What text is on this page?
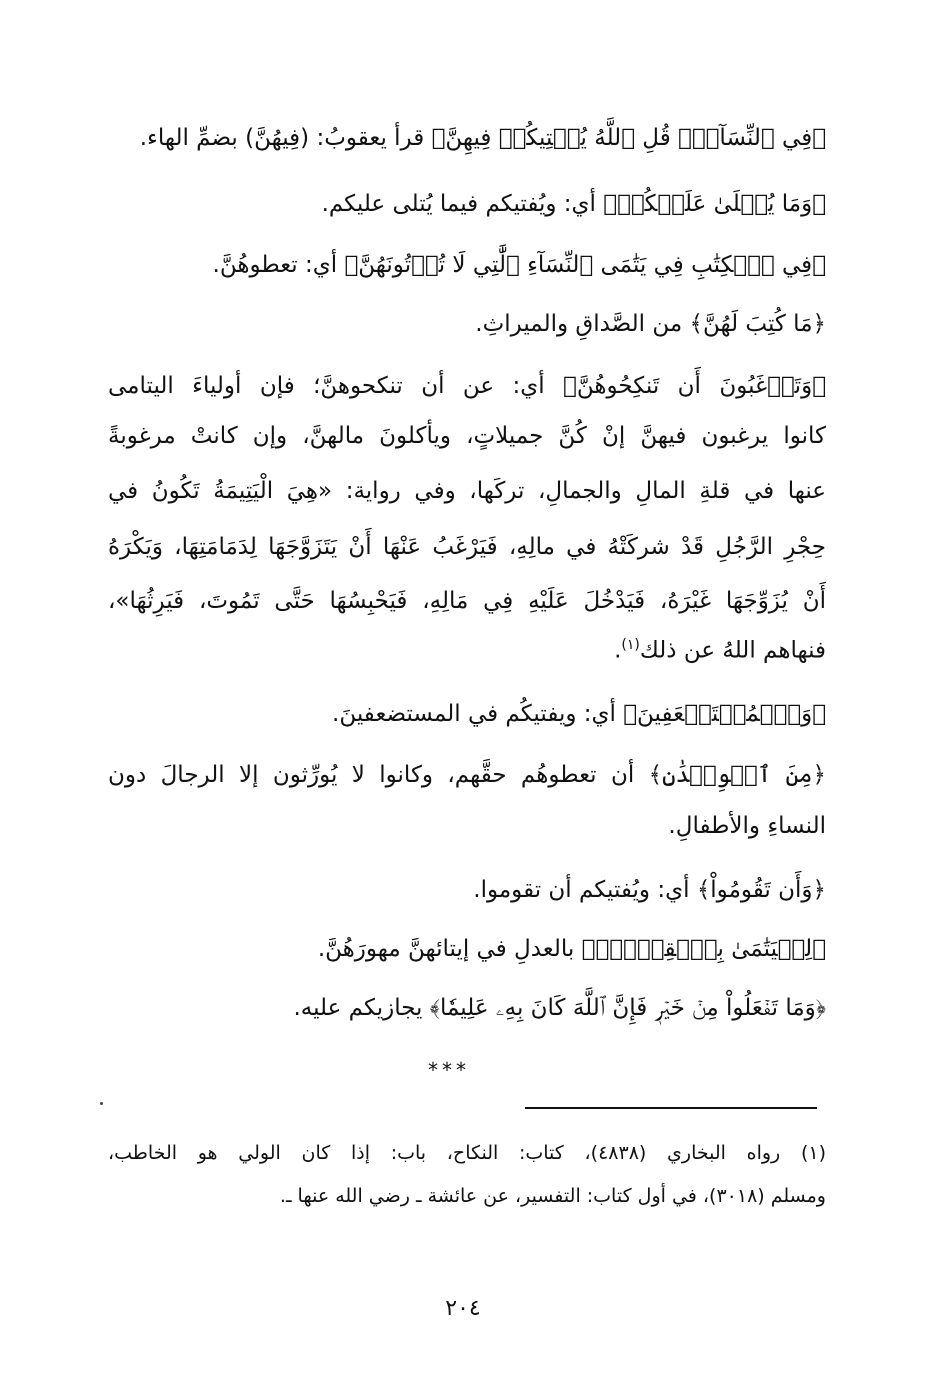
﴿فِي ٱلنِّسَآءِۖ قُلِ ٱللَّهُ يُفۡتِيكُمۡ فِيهِنَّ﴾ قرأ يعقوبُ: (فِيهُنَّ) بضمِّ الهاء.
﴿وَمَا يُتۡلَىٰ عَلَيۡكُمۡ﴾ أي: ويُفتيكم فيما يُتلى عليكم.
﴿فِي ٱلۡكِتَٰبِ فِي يَتَٰمَى ٱلنِّسَآءِ ٱلَّٰتِي لَا تُؤۡتُونَهُنَّ﴾ أي: تعطوهُنَّ.
﴿مَا كُتِبَ لَهُنَّ﴾ من الصَّداقِ والميراثِ.
﴿وَتَرۡغَبُونَ أَن تَنكِحُوهُنَّ﴾ أي: عن أن تنكحوهنَّ؛ فإن أولياءَ اليتامى
كانوا يرغبون فيهنَّ إنْ كُنَّ جميلاتٍ، ويأكلونَ مالهنَّ، وإن كانتْ مرغوبةً
عنها في قلةِ المالِ والجمالِ، تركَها، وفي رواية: «هِيَ الْيَتِيمَةُ تَكُونُ في
حِجْرِ الرَّجُلِ قَدْ شركَتْهُ في مالِهِ، فَيَرْغَبُ عَنْهَا أَنْ يَتَزَوَّجَهَا لِدَمَامَتِهَا، وَيَكْرَهُ
أَنْ يُزَوِّجَهَا غَيْرَهُ، فَيَدْخُلَ عَلَيْهِ فِي مَالِهِ، فَيَحْبِسُهَا حَتَّى تَمُوتَ، فَيَرِثُهَا»،
فنهاهم اللهُ عن ذلك$^{(١)}$.
﴿وَٱلۡمُسۡتَضۡعَفِينَ﴾ أي: ويفتيكُم في المستضعفينَ.
﴿مِنَ ٱلۡوِلۡدَٰنِ﴾ أن تعطوهُم حقَّهم، وكانوا لا يُورِّثون إلا الرجالَ دون
النساءِ والأطفالِ.
﴿وَأَن تَقُومُواْ﴾ أي: ويُفتيكم أن تقوموا.
﴿لِلۡيَتَٰمَىٰ بِٱلۡقِسۡطِۚ﴾ بالعدلِ في إيتائهنَّ مهورَهُنَّ.
﴿وَمَا تَفۡعَلُواْ مِنۡ خَيۡرٖ فَإِنَّ ٱللَّهَ كَانَ بِهِۦ عَلِيمٗا﴾ يجازيكم عليه.
***
(١) رواه البخاري (٤٨٣٨)، كتاب: النكاح، باب: إذا كان الولي هو الخاطب،
ومسلم (٣٠١٨)، في أول كتاب: التفسير، عن عائشة ـ رضي الله عنها ـ.
٢٠٤
